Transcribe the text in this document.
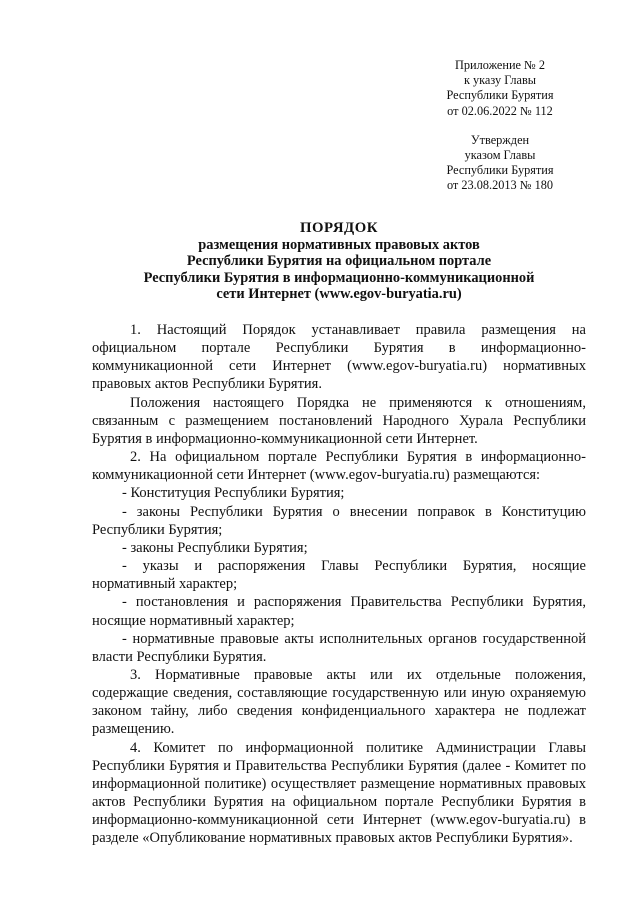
Приложение № 2
к указу Главы
Республики Бурятия
от 02.06.2022 № 112
Утвержден
указом Главы
Республики Бурятия
от 23.08.2013 № 180
ПОРЯДОК
размещения нормативных правовых актов
Республики Бурятия на официальном портале
Республики Бурятия в информационно-коммуникационной
сети Интернет (www.egov-buryatia.ru)

1. Настоящий Порядок устанавливает правила размещения на официальном портале Республики Бурятия в информационно-коммуникационной сети Интернет (www.egov-buryatia.ru) нормативных правовых актов Республики Бурятия.

Положения настоящего Порядка не применяются к отношениям, связанным с размещением постановлений Народного Хурала Республики Бурятия в информационно-коммуникационной сети Интернет.

2. На официальном портале Республики Бурятия в информационно-коммуникационной сети Интернет (www.egov-buryatia.ru) размещаются:

- Конституция Республики Бурятия;

- законы Республики Бурятия о внесении поправок в Конституцию Республики Бурятия;

- законы Республики Бурятия;

- указы и распоряжения Главы Республики Бурятия, носящие нормативный характер;

- постановления и распоряжения Правительства Республики Бурятия, носящие нормативный характер;

- нормативные правовые акты исполнительных органов государственной власти Республики Бурятия.

3. Нормативные правовые акты или их отдельные положения, содержащие сведения, составляющие государственную или иную охраняемую законом тайну, либо сведения конфиденциального характера не подлежат размещению.

4. Комитет по информационной политике Администрации Главы Республики Бурятия и Правительства Республики Бурятия (далее - Комитет по информационной политике) осуществляет размещение нормативных правовых актов Республики Бурятия на официальном портале Республики Бурятия в информационно-коммуникационной сети Интернет (www.egov-buryatia.ru) в разделе «Опубликование нормативных правовых актов Республики Бурятия».
